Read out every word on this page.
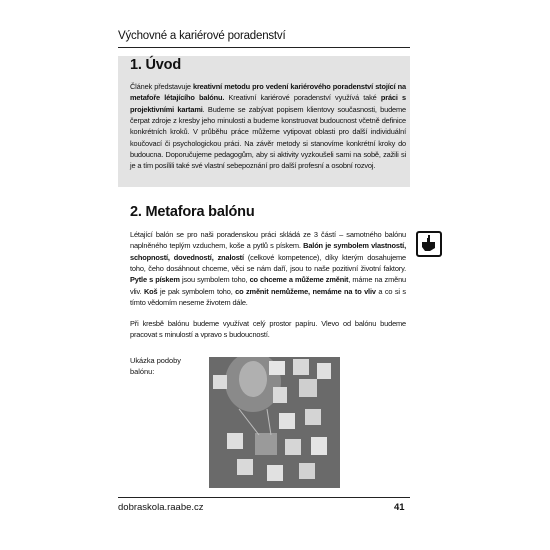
Výchovné a kariérové poradenství
1. Úvod
Článek představuje kreativní metodu pro vedení kariérového poradenství stojící na metafoře létajícího balónu. Kreativní kariérové poradenství využívá také práci s projektivními kartami. Budeme se zabývat popisem klientovy současnosti, budeme čerpat zdroje z kresby jeho minulosti a budeme konstruovat budoucnost včetně definice konkrétních kroků. V průběhu práce můžeme vytipovat oblasti pro další individuální koučovací či psychologickou práci. Na závěr metody si stanovíme konkrétní kroky do budoucna. Doporučujeme pedagogům, aby si aktivity vyzkoušeli sami na sobě, zažili si je a tím posílili také své vlastní sebepoznání pro další profesní a osobní rozvoj.
2. Metafora balónu
Létající balón se pro naši poradenskou práci skládá ze 3 částí – samotného balónu naplněného teplým vzduchem, koše a pytlů s pískem. Balón je symbolem vlastností, schopností, dovedností, znalostí (celkové kompetence), díky kterým dosahujeme toho, čeho dosáhnout chceme, věci se nám daří, jsou to naše pozitivní životní faktory. Pytle s pískem jsou symbolem toho, co chceme a můžeme změnit, máme na změnu vliv. Koš je pak symbolem toho, co změnit nemůžeme, nemáme na to vliv a co si s tímto vědomím neseme životem dále.
Při kresbě balónu budeme využívat celý prostor papíru. Vlevo od balónu budeme pracovat s minulostí a vpravo s budoucností.
Ukázka podoby balónu:
dobraskola.raabe.cz	41
